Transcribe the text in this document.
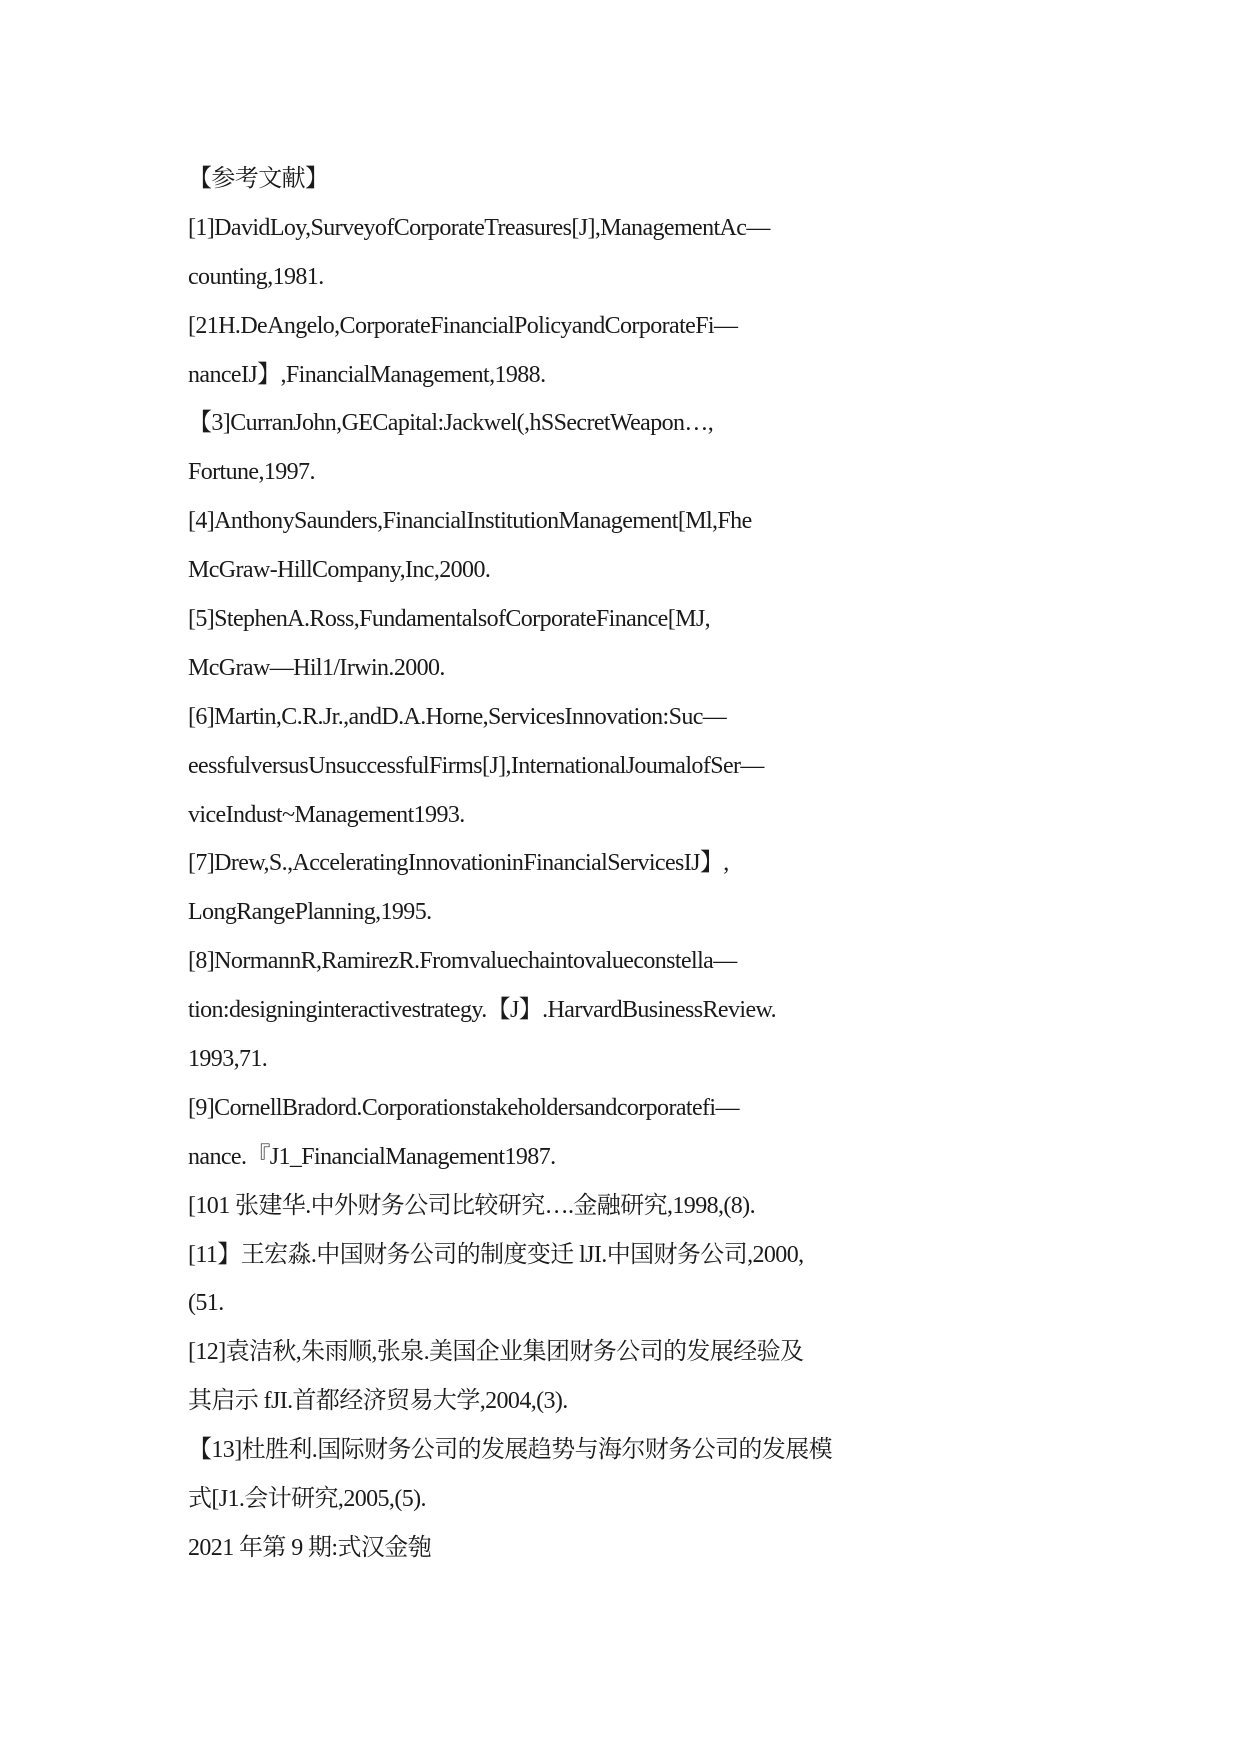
【参考文献】
[1]DavidLoy,SurveyofCorporateTreasures[J],ManagementAc—
counting,1981.
[21H.DeAngelo,CorporateFinancialPolicyandCorporateFi—
nanceIJ】,FinancialManagement,1988.
【3]CurranJohn,GECapital:Jackwel(,hSSecretWeapon…,
Fortune,1997.
[4]AnthonySaunders,FinancialInstitutionManagement[Ml,Fhe
McGraw-HillCompany,Inc,2000.
[5]StephenA.Ross,FundamentalsofCorporateFinance[MJ,
McGraw—Hil1/Irwin.2000.
[6]Martin,C.R.Jr.,andD.A.Horne,ServicesInnovation:Suc—
eessfulversusUnsuccessfulFirms[J],InternationalJoumalofSer—
viceIndust~Management1993.
[7]Drew,S.,AcceleratingInnovationinFinancialServicesIJ】,
LongRangePlanning,1995.
[8]NormannR,RamirezR.Fromvaluechaintovalueconstella—
tion:designinginteractivestrategy.【J】.HarvardBusinessReview.
1993,71.
[9]CornellBradord.Corporationstakeholdersandcorporatefi—
nance.『J1_FinancialManagement1987.
[101 张建华.中外财务公司比较研究….金融研究,1998,(8).
[11】王宏淼.中国财务公司的制度变迁 lJI.中国财务公司,2000,
(51.
[12]袁洁秋,朱雨顺,张泉.美国企业集团财务公司的发展经验及
其启示 fJI.首都经济贸易大学,2004,(3).
【13]杜胜利.国际财务公司的发展趋势与海尔财务公司的发展模
式[J1.会计研究,2005,(5).
2021 年第 9 期:式汉金匏
